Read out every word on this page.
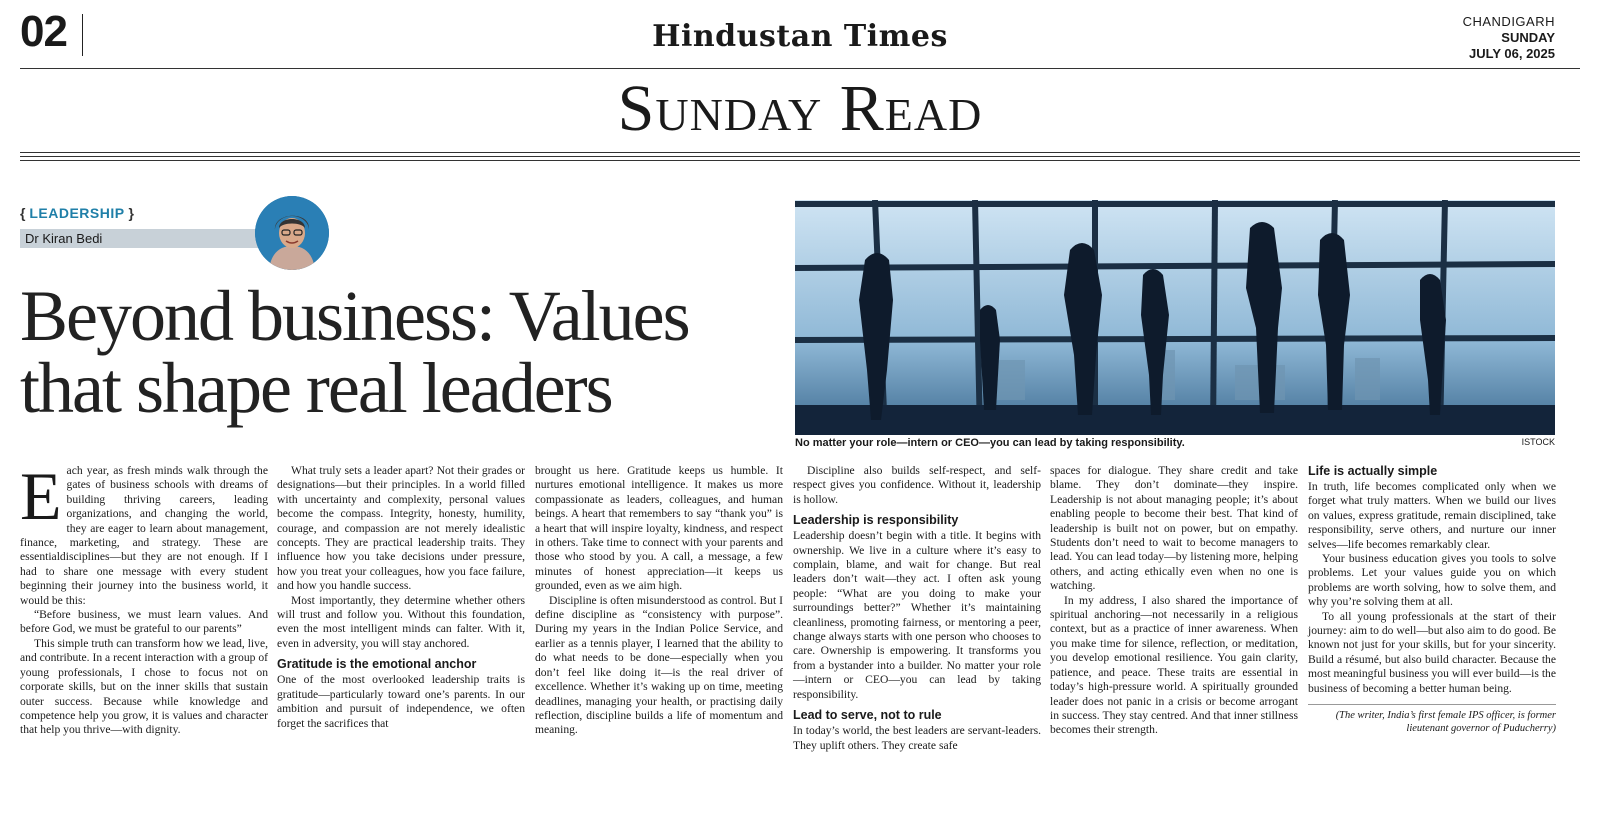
02	Hindustan Times	CHANDIGARH
SUNDAY
JULY 06, 2025
Sunday Read
{ LEADERSHIP }
Dr Kiran Bedi
Beyond business: Values that shape real leaders
No matter your role—intern or CEO—you can lead by taking responsibility.	ISTOCK
E ach year, as fresh minds walk through the gates of business schools with dreams of building thriving careers, leading organizations, and changing the world, they are eager to learn about management, finance, marketing, and strategy. These are essentialdisciplines—but they are not enough. If I had to share one message with every student beginning their journey into the business world, it would be this:

“Before business, we must learn values. And before God, we must be grateful to our parents”

This simple truth can transform how we lead, live, and contribute. In a recent interaction with a group of young professionals, I chose to focus not on corporate skills, but on the inner skills that sustain outer success. Because while knowledge and competence help you grow, it is values and character that help you thrive—with dignity.

What truly sets a leader apart? Not their grades or designations—but their principles. In a world filled with uncertainty and complexity, personal values become the compass. Integrity, honesty, humility, courage, and compassion are not merely idealistic concepts. They are practical leadership traits. They influence how you take decisions under pressure, how you treat your colleagues, how you face failure, and how you handle success.

Most importantly, they determine whether others will trust and follow you. Without this foundation, even the most intelligent minds can falter. With it, even in adversity, you will stay anchored.

Gratitude is the emotional anchor

One of the most overlooked leadership traits is gratitude—particularly toward one’s parents. In our ambition and pursuit of independence, we often forget the sacrifices that

brought us here. Gratitude keeps us humble. It nurtures emotional intelligence. It makes us more compassionate as leaders, colleagues, and human beings. A heart that remembers to say “thank you” is a heart that will inspire loyalty, kindness, and respect in others. Take time to connect with your parents and those who stood by you. A call, a message, a few minutes of honest appreciation—it keeps us grounded, even as we aim high.

Discipline is often misunderstood as control. But I define discipline as “consistency with purpose”. During my years in the Indian Police Service, and earlier as a tennis player, I learned that the ability to do what needs to be done—especially when you don’t feel like doing it—is the real driver of excellence. Whether it’s waking up on time, meeting deadlines, managing your health, or practising daily reflection, discipline builds a life of momentum and meaning.

Discipline also builds self-respect, and self-respect gives you confidence. Without it, leadership is hollow.

Leadership is responsibility

Leadership doesn’t begin with a title. It begins with ownership. We live in a culture where it’s easy to complain, blame, and wait for change. But real leaders don’t wait—they act. I often ask young people: “What are you doing to make your surroundings better?” Whether it’s maintaining cleanliness, promoting fairness, or mentoring a peer, change always starts with one person who chooses to care. Ownership is empowering. It transforms you from a bystander into a builder. No matter your role—intern or CEO—you can lead by taking responsibility.

Lead to serve, not to rule

In today’s world, the best leaders are servant-leaders. They uplift others. They create safe

spaces for dialogue. They share credit and take blame. They don’t dominate—they inspire. Leadership is not about managing people; it’s about enabling people to become their best. That kind of leadership is built not on power, but on empathy. Students don’t need to wait to become managers to lead. You can lead today—by listening more, helping others, and acting ethically even when no one is watching.

In my address, I also shared the importance of spiritual anchoring—not necessarily in a religious context, but as a practice of inner awareness. When you make time for silence, reflection, or meditation, you develop emotional resilience. You gain clarity, patience, and peace. These traits are essential in today’s high-pressure world. A spiritually grounded leader does not panic in a crisis or become arrogant in success. They stay centred. And that inner stillness becomes their strength.

Life is actually simple

In truth, life becomes complicated only when we forget what truly matters. When we build our lives on values, express gratitude, remain disciplined, take responsibility, serve others, and nurture our inner selves—life becomes remarkably clear.

Your business education gives you tools to solve problems. Let your values guide you on which problems are worth solving, how to solve them, and why you’re solving them at all.

To all young professionals at the start of their journey: aim to do well—but also aim to do good. Be known not just for your skills, but for your sincerity. Build a résumé, but also build character. Because the most meaningful business you will ever build—is the business of becoming a better human being.

(The writer, India’s first female IPS officer, is former lieutenant governor of Puducherry)
